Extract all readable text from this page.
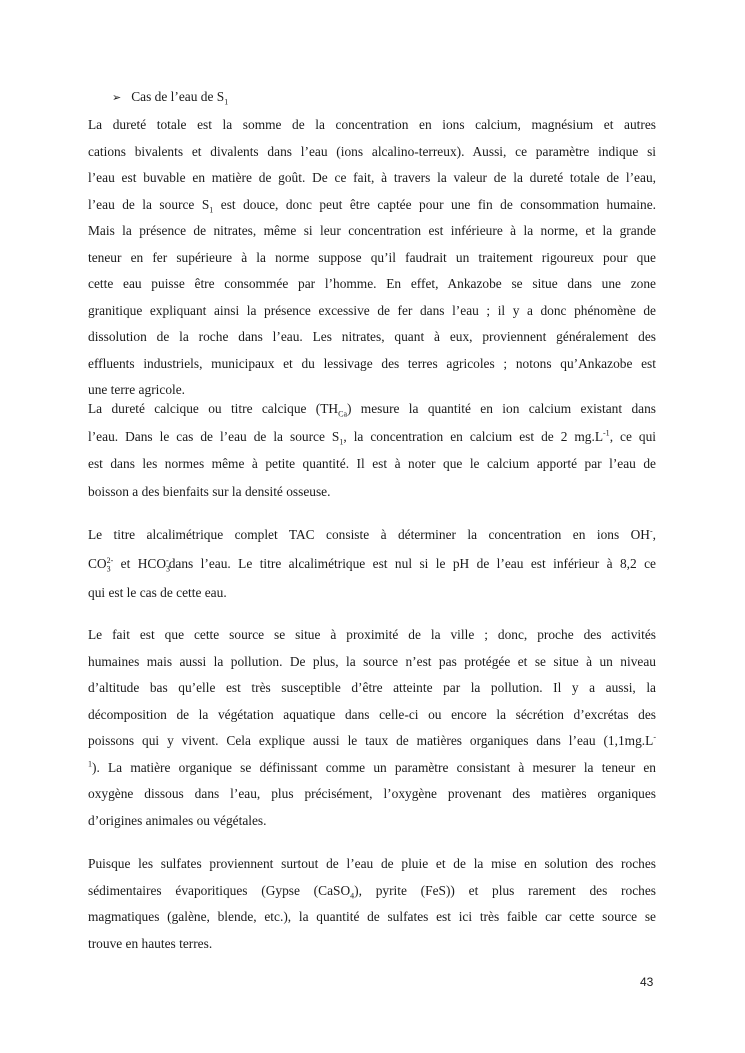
➢ Cas de l’eau de $S_1$
La dureté totale est la somme de la concentration en ions calcium, magnésium et autres
cations bivalents et divalents dans l’eau (ions alcalino-terreux). Aussi, ce paramètre indique si
l’eau est buvable en matière de goût. De ce fait, à travers la valeur de la dureté totale de l’eau,
l’eau de la source $S_1$ est douce, donc peut être captée pour une fin de consommation humaine.
Mais la présence de nitrates, même si leur concentration est inférieure à la norme, et la grande
teneur en fer supérieure à la norme suppose qu’il faudrait un traitement rigoureux pour que
cette eau puisse être consommée par l’homme. En effet, Ankazobe se situe dans une zone
granitique expliquant ainsi la présence excessive de fer dans l’eau ; il y a donc phénomène de
dissolution de la roche dans l’eau. Les nitrates, quant à eux, proviennent généralement des
effluents industriels, municipaux et du lessivage des terres agricoles ; notons qu’Ankazobe est
une terre agricole.
La dureté calcique ou titre calcique $(TH_{Ca})$ mesure la quantité en ion calcium existant dans
l’eau. Dans le cas de l’eau de la source $S_1$, la concentration en calcium est de 2 $mg.L^{-1}$, ce qui
est dans les normes même à petite quantité. Il est à noter que le calcium apporté par l’eau de
boisson a des bienfaits sur la densité osseuse.
Le titre alcalimétrique complet TAC consiste à déterminer la concentration en ions OH-,
$CO_3^{2-}$ et $HCO_3^-dans$ l’eau. Le titre alcalimétrique est nul si le pH de l’eau est inférieur à 8,2 ce
qui est le cas de cette eau.
Le fait est que cette source se situe à proximité de la ville ; donc, proche des activités
humaines mais aussi la pollution. De plus, la source n’est pas protégée et se situe à un niveau
d’altitude bas qu’elle est très susceptible d’être atteinte par la pollution. Il y a aussi, la
décomposition de la végétation aquatique dans celle-ci ou encore la sécrétion d’excrétas des
poissons qui y vivent. Cela explique aussi le taux de matières organiques dans l’eau (1,1mg.L-
$^1$). La matière organique se définissant comme un paramètre consistant à mesurer la teneur en
oxygène dissous dans l’eau, plus précisément, l’oxygène provenant des matières organiques
d’origines animales ou végétales.
Puisque les sulfates proviennent surtout de l’eau de pluie et de la mise en solution des roches
sédimentaires évaporitiques (Gypse (CaSO$_4$), pyrite (FeS)) et plus rarement des roches
magmatiques (galène, blende, etc.), la quantité de sulfates est ici très faible car cette source se
trouve en hautes terres.
43
